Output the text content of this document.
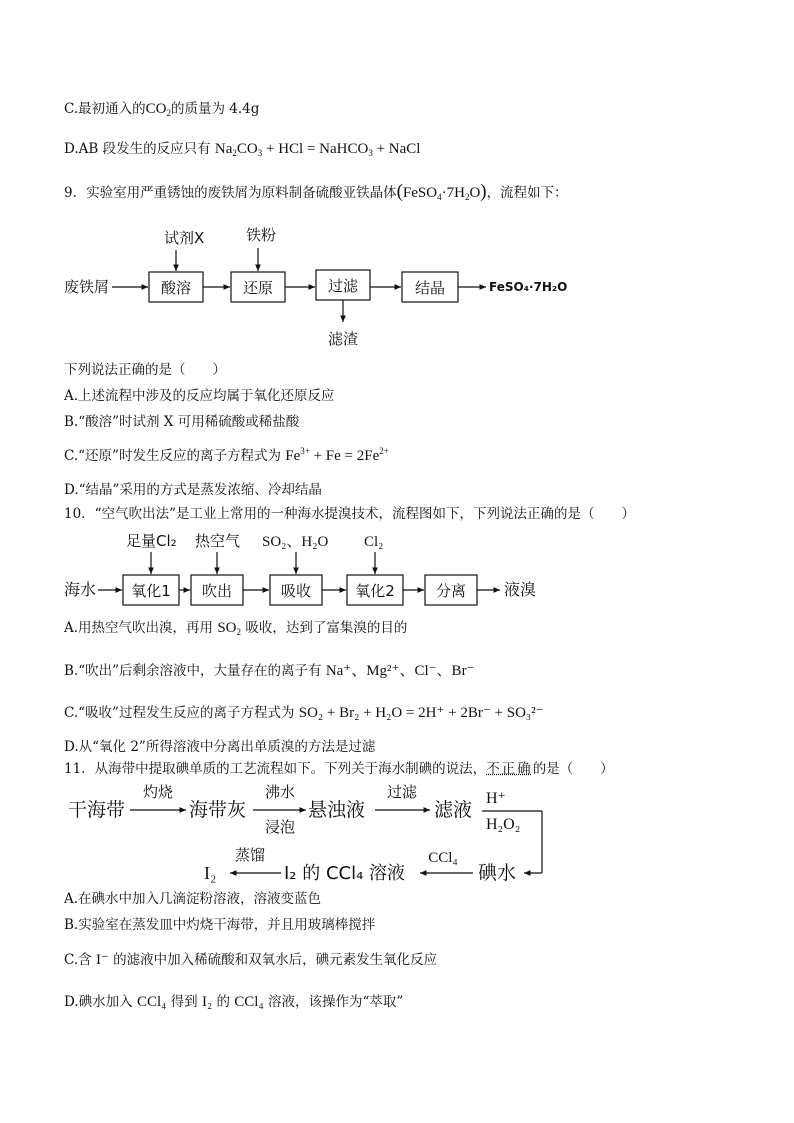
C.最初通入的$CO_2$的质量为 4.4g
D.AB 段发生的反应只有 $Na_2CO_3$ + HCl = NaHCO$_3$ + NaCl
9．实验室用严重锈蚀的废铁屑为原料制备硫酸亚铁晶体$(FeSO_4\cdot 7H_2O)$，流程如下：
废铁屑	酸溶
试剂X
还原
铁粉
过滤
滤渣
结晶	FeSO₄·7H₂O
下列说法正确的是（　　）
A.上述流程中涉及的反应均属于氧化还原反应
B.“酸溶”时试剂 X 可用稀硫酸或稀盐酸
C.“还原”时发生反应的离子方程式为 $Fe^{3+} + Fe = 2Fe^{2+}$
D.“结晶”采用的方式是蒸发浓缩、冷却结晶
10．“空气吹出法”是工业上常用的一种海水提溴技术，流程图如下，下列说法正确的是（　　）
足量Cl₂ 热空气 SO₂、H₂O Cl₂
海水 氧化1 吹出	吸收	氧化2	分离 液溴
A.用热空气吹出溴，再用 $SO_2$ 吸收，达到了富集溴的目的
B.“吹出”后剩余溶液中，大量存在的离子有 Na⁺、Mg²⁺、Cl⁻、Br⁻
C.“吸收”过程发生反应的离子方程式为 SO₂ + Br₂ + H₂O = 2H⁺ + 2Br⁻ + SO₃²⁻
D.从“氧化 2”所得溶液中分离出单质溴的方法是过滤
11．从海带中提取碘单质的工艺流程如下。下列关于海水制碘的说法，不正确的是（　　）
干海带
灼烧
海带灰
沸水
浸泡
悬浊液
过滤
滤液
H⁺
H₂O₂
碘水
CCl₄
I₂ 的 CCl₄ 溶液
蒸馏
I₂
A.在碘水中加入几滴淀粉溶液，溶液变蓝色
B.实验室在蒸发皿中灼烧干海带，并且用玻璃棒搅拌
C.含 I⁻ 的滤液中加入稀硫酸和双氧水后，碘元素发生氧化反应
D.碘水加入 CCl₄ 得到 I₂ 的 CCl₄ 溶液，该操作为“萃取”
